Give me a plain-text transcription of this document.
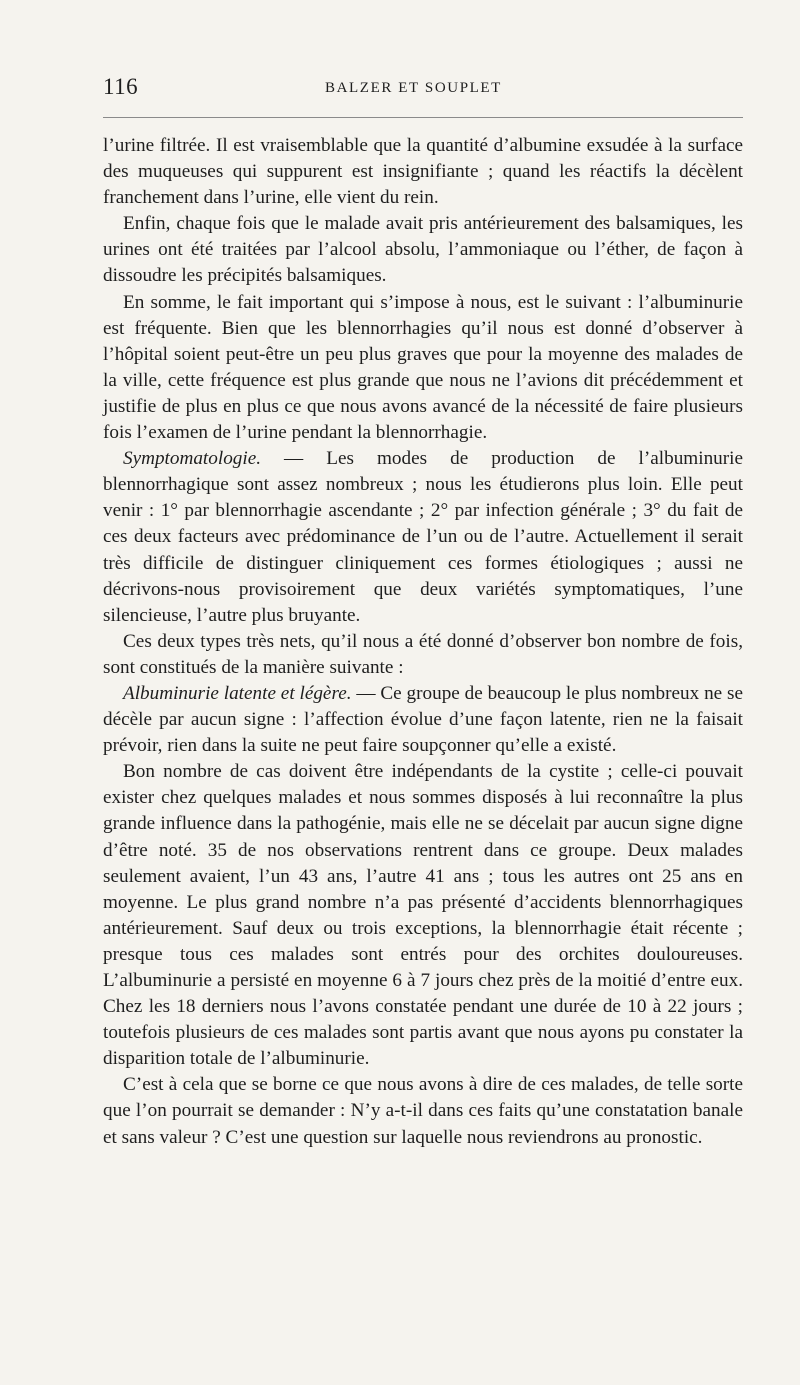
116	BALZER ET SOUPLET

l’urine filtrée. Il est vraisemblable que la quantité d’albumine exsudée à la surface des muqueuses qui suppurent est insignifiante ; quand les réactifs la décèlent franchement dans l’urine, elle vient du rein.

Enfin, chaque fois que le malade avait pris antérieurement des balsamiques, les urines ont été traitées par l’alcool absolu, l’ammoniaque ou l’éther, de façon à dissoudre les précipités balsamiques.

En somme, le fait important qui s’impose à nous, est le suivant : l’albuminurie est fréquente. Bien que les blennorrhagies qu’il nous est donné d’observer à l’hôpital soient peut-être un peu plus graves que pour la moyenne des malades de la ville, cette fréquence est plus grande que nous ne l’avions dit précédemment et justifie de plus en plus ce que nous avons avancé de la nécessité de faire plusieurs fois l’examen de l’urine pendant la blennorrhagie.

Symptomatologie. — Les modes de production de l’albuminurie blennorrhagique sont assez nombreux ; nous les étudierons plus loin. Elle peut venir : 1° par blennorrhagie ascendante ; 2° par infection générale ; 3° du fait de ces deux facteurs avec prédominance de l’un ou de l’autre. Actuellement il serait très difficile de distinguer cliniquement ces formes étiologiques ; aussi ne décrivons-nous provisoirement que deux variétés symptomatiques, l’une silencieuse, l’autre plus bruyante.

Ces deux types très nets, qu’il nous a été donné d’observer bon nombre de fois, sont constitués de la manière suivante :

Albuminurie latente et légère. — Ce groupe de beaucoup le plus nombreux ne se décèle par aucun signe : l’affection évolue d’une façon latente, rien ne la faisait prévoir, rien dans la suite ne peut faire soupçonner qu’elle a existé.

Bon nombre de cas doivent être indépendants de la cystite ; celle-ci pouvait exister chez quelques malades et nous sommes disposés à lui reconnaître la plus grande influence dans la pathogénie, mais elle ne se décelait par aucun signe digne d’être noté. 35 de nos observations rentrent dans ce groupe. Deux malades seulement avaient, l’un 43 ans, l’autre 41 ans ; tous les autres ont 25 ans en moyenne. Le plus grand nombre n’a pas présenté d’accidents blennorrhagiques antérieurement. Sauf deux ou trois exceptions, la blennorrhagie était récente ; presque tous ces malades sont entrés pour des orchites douloureuses. L’albuminurie a persisté en moyenne 6 à 7 jours chez près de la moitié d’entre eux. Chez les 18 derniers nous l’avons constatée pendant une durée de 10 à 22 jours ; toutefois plusieurs de ces malades sont partis avant que nous ayons pu constater la disparition totale de l’albuminurie.

C’est à cela que se borne ce que nous avons à dire de ces malades, de telle sorte que l’on pourrait se demander : N’y a-t-il dans ces faits qu’une constatation banale et sans valeur ? C’est une question sur laquelle nous reviendrons au pronostic.
